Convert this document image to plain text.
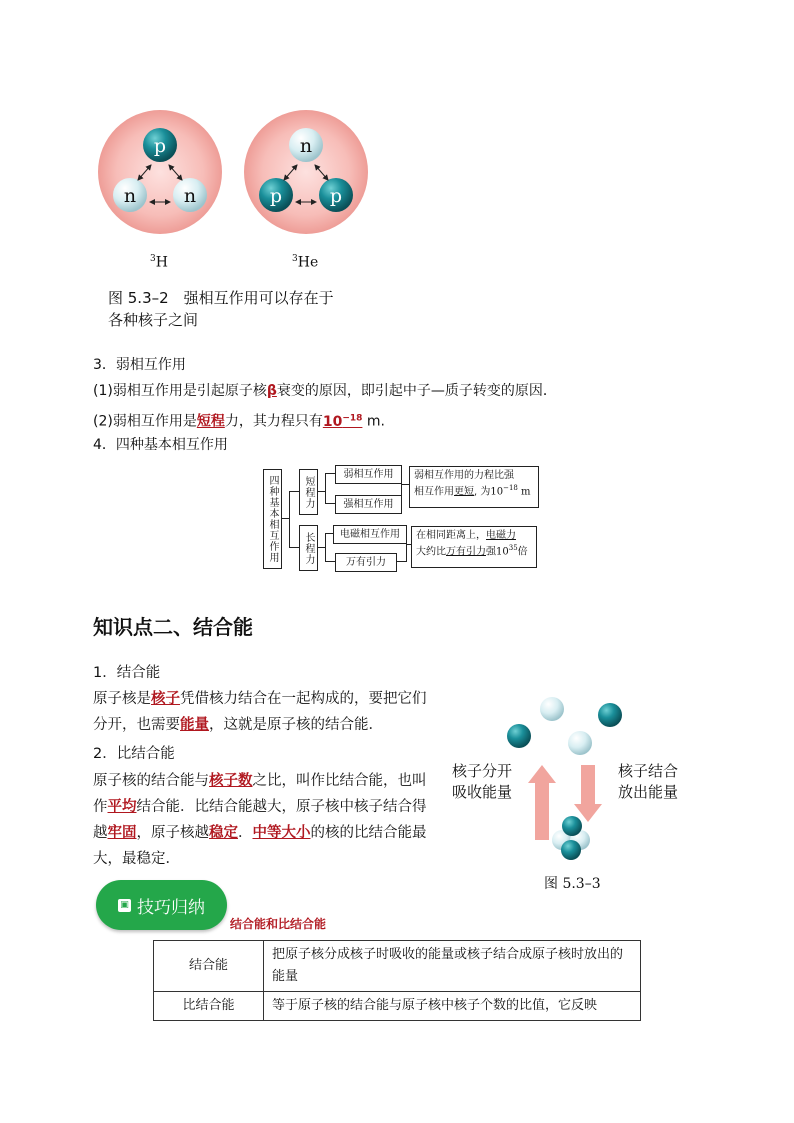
p
n	n
n
p	p
$^3$H	$^3$He
图 5.3–2　强相互作用可以存在于
各种核子之间
3．弱相互作用
(1)弱相互作用是引起原子核β衰变的原因，即引起中子—质子转变的原因．
(2)弱相互作用是短程力，其力程只有$10^{-18}$ m.
4．四种基本相互作用
四种基本相互作用	短程力
长程力
弱相互作用
强相互作用
电磁相互作用
万有引力
弱相互作用的力程比强
相互作用更短, 为$10^{-18}$ m
在相同距离上，电磁力
大约比万有引力强$10^{35}$倍
知识点二、结合能
1．结合能
原子核是核子凭借核力结合在一起构成的，要把它们分开，也需要能量，这就是原子核的结合能．
2．比结合能
原子核的结合能与核子数之比，叫作比结合能，也叫作平均结合能．比结合能越大，原子核中核子结合得越牢固，原子核越稳定．中等大小的核的比结合能最大，最稳定．
核子分开
吸收能量
核子结合
放出能量
图 5.3–3
▣ 技巧归纳
结合能和比结合能
结合能	把原子核分成核子时吸收的能量或核子结合成原子核时放出的能量
比结合能	等于原子核的结合能与原子核中核子个数的比值，它反映
